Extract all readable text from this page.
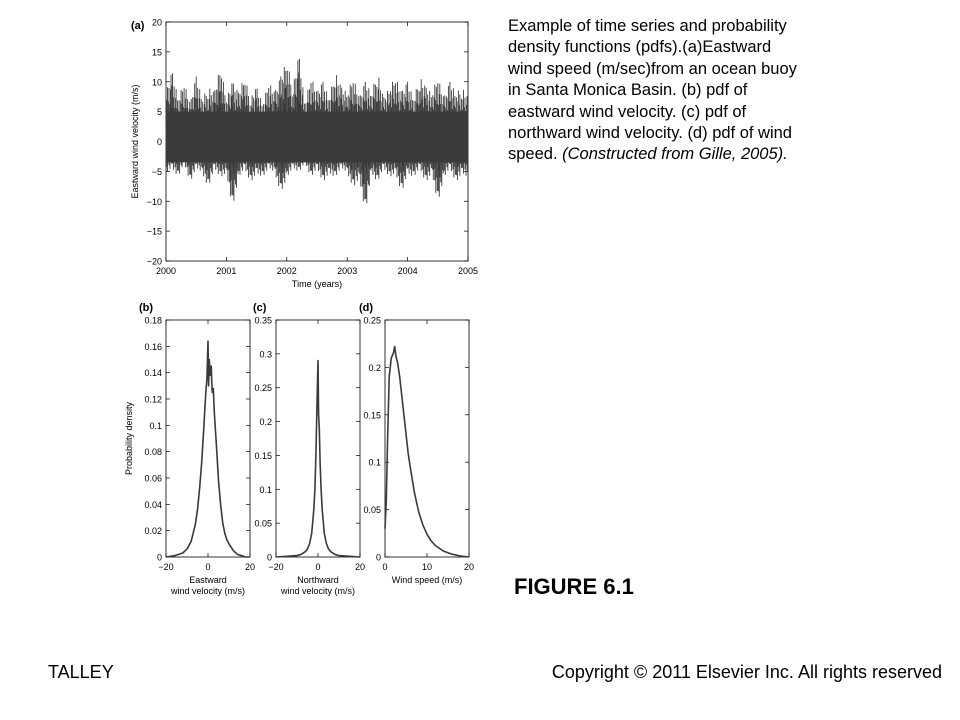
(a)
−20
−15
−10
−5
0
5
10
15
20
2000	2001	2002	2003	2004	2005
Time (years)
Eastward wind velocity (m/s)
(b)
0
0.02
0.04
0.06
0.08
0.1
0.12
0.14
0.16
0.18
−20	0	20
Eastward
wind velocity (m/s)
Probability density
(c)
0
0.05
0.1
0.15
0.2
0.25
0.3
0.35
−20	0	20
Northward
wind velocity (m/s)
(d)
0
0.05
0.1
0.15
0.2
0.25
0	10	20
Wind speed (m/s)
Example of time series and probability density functions (pdfs).(a)Eastward wind speed (m/sec)from an ocean buoy in Santa Monica Basin. (b) pdf of eastward wind velocity. (c) pdf of northward wind velocity. (d) pdf of wind speed. (Constructed from Gille, 2005).
FIGURE 6.1
TALLEY	Copyright © 2011 Elsevier Inc. All rights reserved
